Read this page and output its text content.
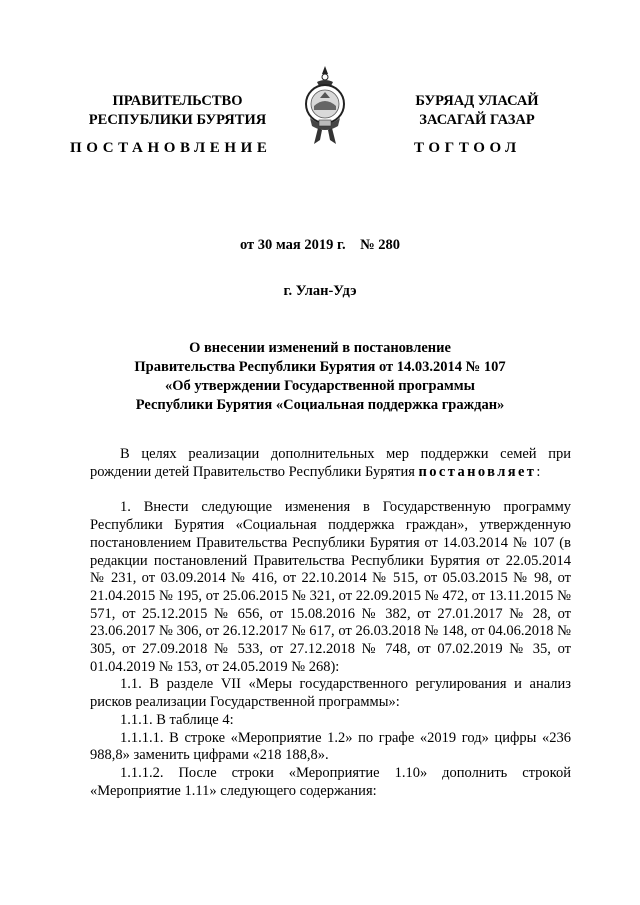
ПРАВИТЕЛЬСТВО
РЕСПУБЛИКИ БУРЯТИЯ
ПОСТАНОВЛЕНИЕ
БУРЯАД УЛАСАЙ
ЗАСАГАЙ ГАЗАР
ТОГТООЛ
от 30 мая 2019 г.    № 280
г. Улан-Удэ
О внесении изменений в постановление
Правительства Республики Бурятия от 14.03.2014 № 107
«Об утверждении Государственной программы
Республики Бурятия «Социальная поддержка граждан»

В целях реализации дополнительных мер поддержки семей при рождении детей Правительство Республики Бурятия постановляет:

1. Внести следующие изменения в Государственную программу Республики Бурятия «Социальная поддержка граждан», утвержденную постановлением Правительства Республики Бурятия от 14.03.2014 № 107 (в редакции постановлений Правительства Республики Бурятия от 22.05.2014 № 231, от 03.09.2014 № 416, от 22.10.2014 № 515, от 05.03.2015 № 98, от 21.04.2015 № 195, от 25.06.2015 № 321, от 22.09.2015 № 472, от 13.11.2015 № 571, от 25.12.2015 № 656, от 15.08.2016 № 382, от 27.01.2017 № 28, от 23.06.2017 № 306, от 26.12.2017 № 617, от 26.03.2018 № 148, от 04.06.2018 № 305, от 27.09.2018 № 533, от 27.12.2018 № 748, от 07.02.2019 № 35, от 01.04.2019 № 153, от 24.05.2019 № 268):

1.1. В разделе VII «Меры государственного регулирования и анализ рисков реализации Государственной программы»:

1.1.1. В таблице 4:

1.1.1.1. В строке «Мероприятие 1.2» по графе «2019 год» цифры «236 988,8» заменить цифрами «218 188,8».

1.1.1.2. После строки «Мероприятие 1.10» дополнить строкой «Мероприятие 1.11» следующего содержания:
